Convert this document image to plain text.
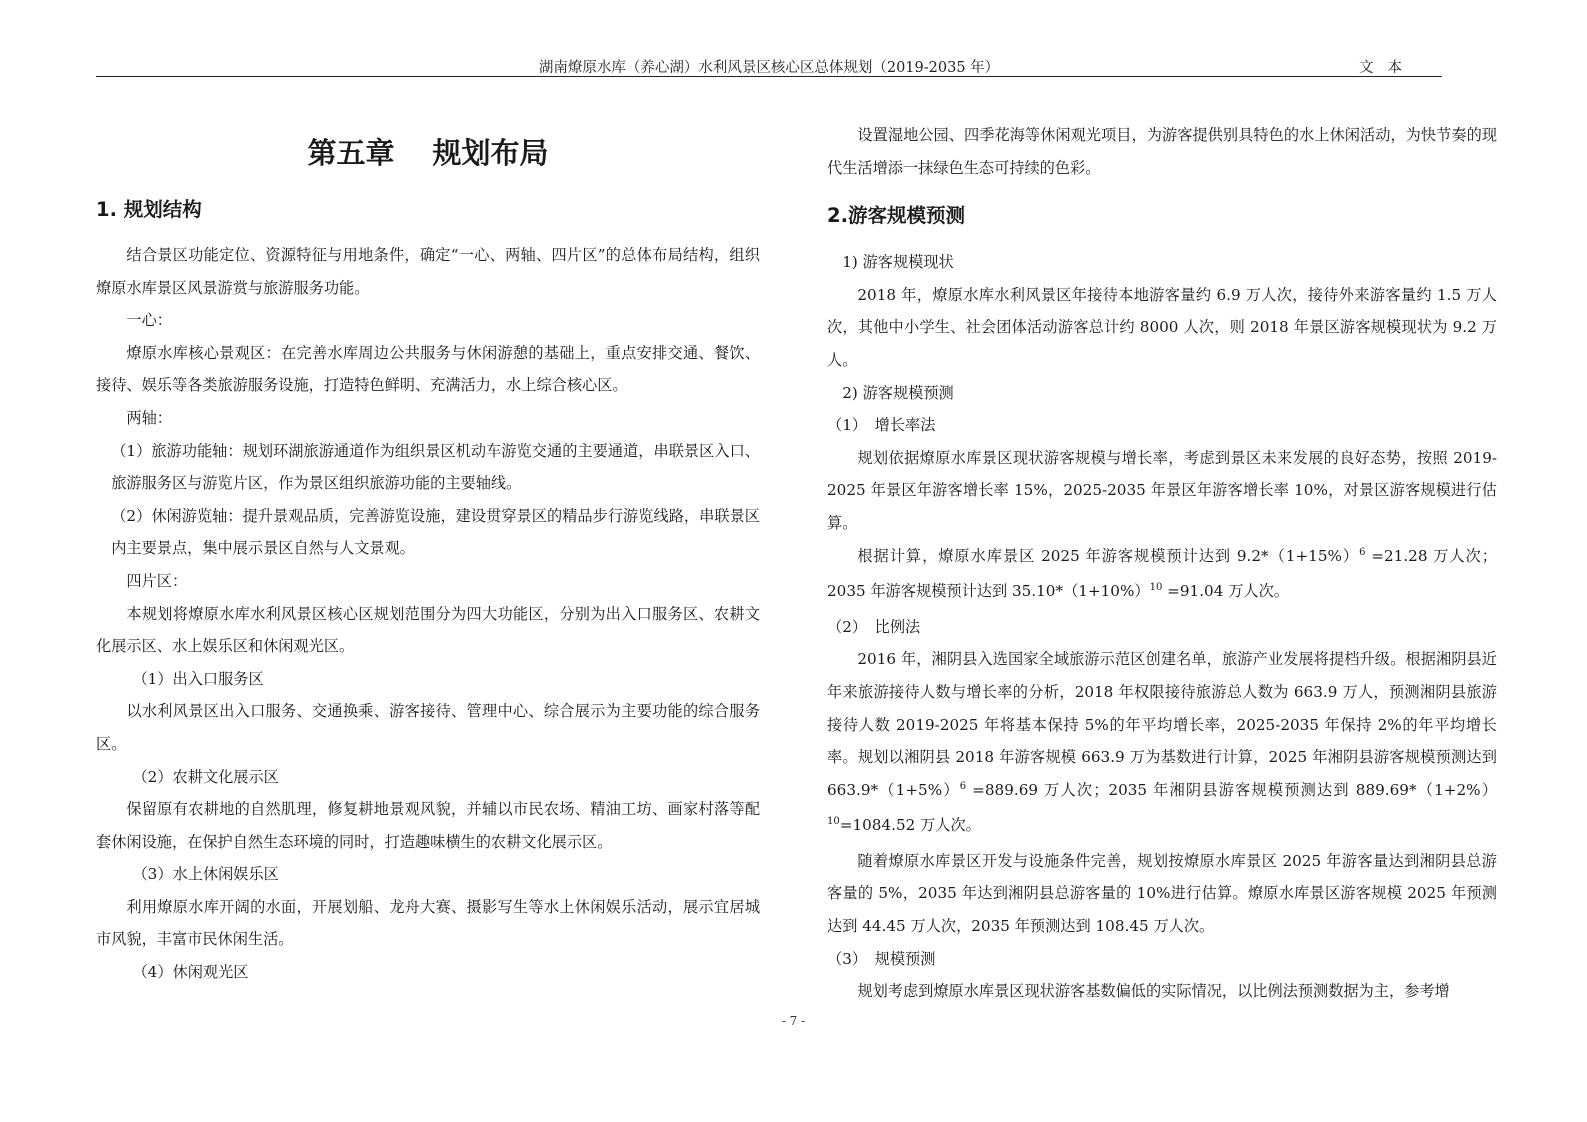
湖南燎原水库（养心湖）水利风景区核心区总体规划（2019-2035 年）	文本
第五章 规划布局
1. 规划结构

结合景区功能定位、资源特征与用地条件，确定“一心、两轴、四片区”的总体布局结构，组织燎原水库景区风景游赏与旅游服务功能。

一心：

燎原水库核心景观区：在完善水库周边公共服务与休闲游憩的基础上，重点安排交通、餐饮、接待、娱乐等各类旅游服务设施，打造特色鲜明、充满活力，水上综合核心区。

两轴：

（1）旅游功能轴：规划环湖旅游通道作为组织景区机动车游览交通的主要通道，串联景区入口、旅游服务区与游览片区，作为景区组织旅游功能的主要轴线。

（2）休闲游览轴：提升景观品质，完善游览设施，建设贯穿景区的精品步行游览线路，串联景区内主要景点，集中展示景区自然与人文景观。

四片区：

本规划将燎原水库水利风景区核心区规划范围分为四大功能区，分别为出入口服务区、农耕文化展示区、水上娱乐区和休闲观光区。

（1）出入口服务区

以水利风景区出入口服务、交通换乘、游客接待、管理中心、综合展示为主要功能的综合服务区。

（2）农耕文化展示区

保留原有农耕地的自然肌理，修复耕地景观风貌，并辅以市民农场、精油工坊、画家村落等配套休闲设施，在保护自然生态环境的同时，打造趣味横生的农耕文化展示区。

（3）水上休闲娱乐区

利用燎原水库开阔的水面，开展划船、龙舟大赛、摄影写生等水上休闲娱乐活动，展示宜居城市风貌，丰富市民休闲生活。

（4）休闲观光区

设置湿地公园、四季花海等休闲观光项目，为游客提供别具特色的水上休闲活动，为快节奏的现代生活增添一抹绿色生态可持续的色彩。

2.游客规模预测

1) 游客规模现状

2018 年，燎原水库水利风景区年接待本地游客量约 6.9 万人次，接待外来游客量约 1.5 万人次，其他中小学生、社会团体活动游客总计约 8000 人次，则 2018 年景区游客规模现状为 9.2 万人。

2) 游客规模预测

（1）　增长率法

规划依据燎原水库景区现状游客规模与增长率，考虑到景区未来发展的良好态势，按照 2019-2025 年景区年游客增长率 15%，2025-2035 年景区年游客增长率 10%，对景区游客规模进行估算。

根据计算，燎原水库景区 2025 年游客规模预计达到 $9.2*(1+15\%)^6 =21.28$ 万人次；2035 年游客规模预计达到 $35.10*(1+10\%)^{10} =91.04$ 万人次。

（2）　比例法

2016 年，湘阴县入选国家全域旅游示范区创建名单，旅游产业发展将提档升级。根据湘阴县近年来旅游接待人数与增长率的分析，2018 年权限接待旅游总人数为 663.9 万人，预测湘阴县旅游接待人数 2019-2025 年将基本保持 5%的年平均增长率，2025-2035 年保持 2%的年平均增长率。规划以湘阴县 2018 年游客规模 663.9 万为基数进行计算，2025 年湘阴县游客规模预测达到 $663.9*(1+5\%)^6 =889.69$ 万人次；2035 年湘阴县游客规模预测达到 $889.69*(1+2\%)^{10}=1084.52$ 万人次。

随着燎原水库景区开发与设施条件完善，规划按燎原水库景区 2025 年游客量达到湘阴县总游客量的 5%，2035 年达到湘阴县总游客量的 10%进行估算。燎原水库景区游客规模 2025 年预测达到 44.45 万人次，2035 年预测达到 108.45 万人次。

（3）　规模预测

规划考虑到燎原水库景区现状游客基数偏低的实际情况，以比例法预测数据为主，参考增

- 7 -
